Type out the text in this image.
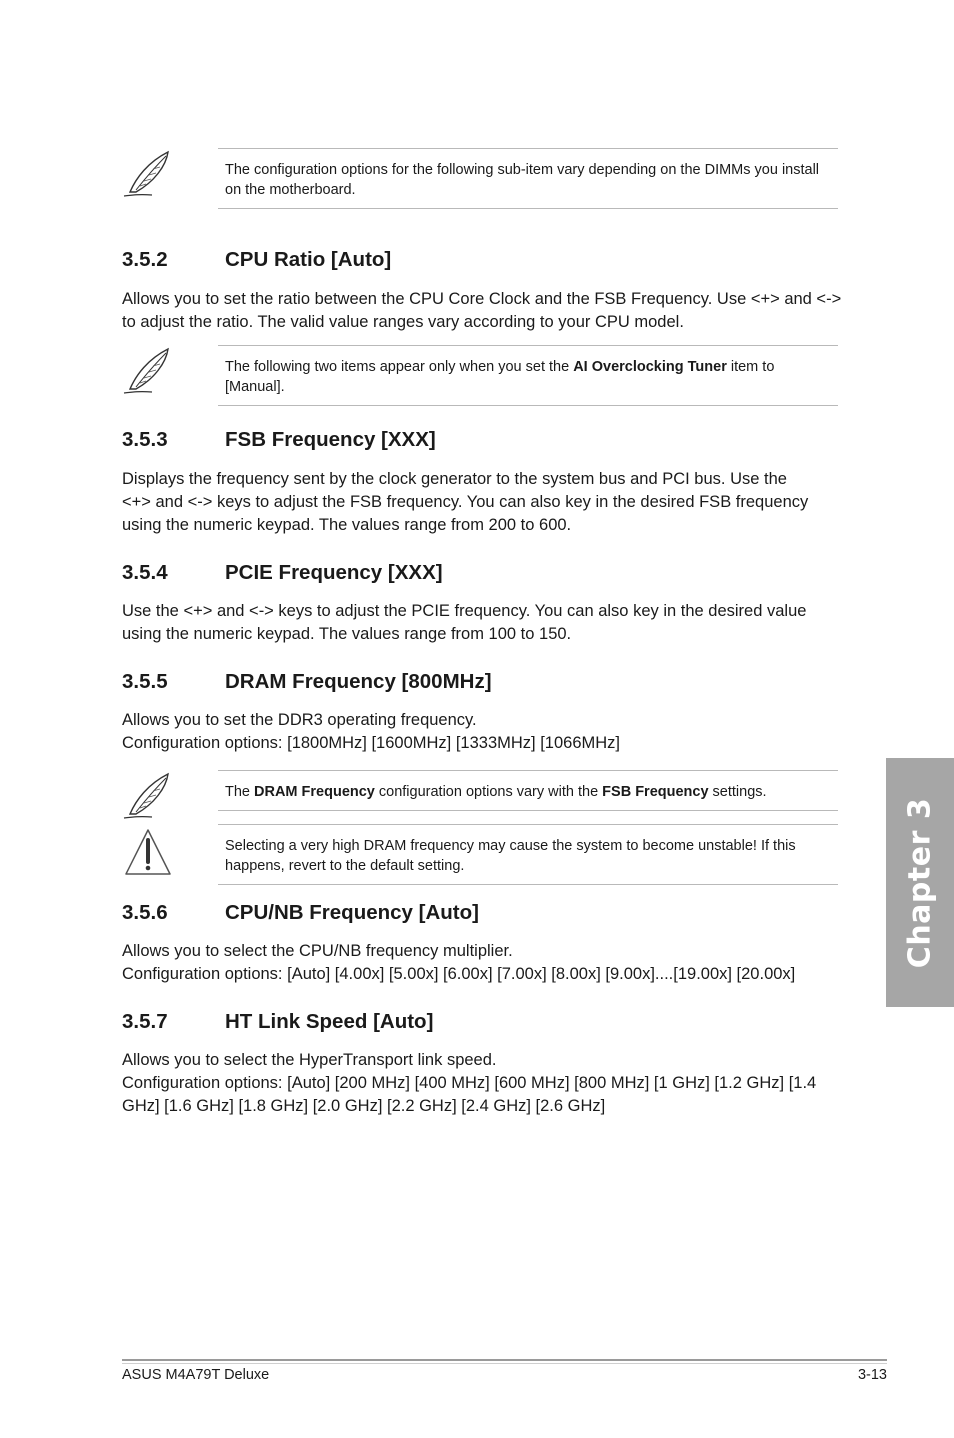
The configuration options for the following sub-item vary depending on the DIMMs you install on the motherboard.
3.5.2	CPU Ratio [Auto]

Allows you to set the ratio between the CPU Core Clock and the FSB Frequency. Use <+> and <-> to adjust the ratio. The valid value ranges vary according to your CPU model.

The following two items appear only when you set the AI Overclocking Tuner item to [Manual].
3.5.3	FSB Frequency [XXX]

Displays the frequency sent by the clock generator to the system bus and PCI bus. Use the <+> and <-> keys to adjust the FSB frequency. You can also key in the desired FSB frequency using the numeric keypad. The values range from 200 to 600.

3.5.4	PCIE Frequency [XXX]

Use the <+> and <-> keys to adjust the PCIE frequency. You can also key in the desired value using the numeric keypad. The values range from 100 to 150.

3.5.5	DRAM Frequency [800MHz]

Allows you to set the DDR3 operating frequency.

Configuration options: [1800MHz] [1600MHz] [1333MHz] [1066MHz]

The DRAM Frequency configuration options vary with the FSB Frequency settings.
Selecting a very high DRAM frequency may cause the system to become unstable! If this happens, revert to the default setting.
3.5.6	CPU/NB Frequency [Auto]

Allows you to select the CPU/NB frequency multiplier.

Configuration options: [Auto] [4.00x] [5.00x] [6.00x] [7.00x] [8.00x] [9.00x]....[19.00x] [20.00x]

3.5.7	HT Link Speed [Auto]

Allows you to select the HyperTransport link speed.

Configuration options: [Auto] [200 MHz] [400 MHz] [600 MHz] [800 MHz] [1 GHz] [1.2 GHz] [1.4 GHz] [1.6 GHz] [1.8 GHz] [2.0 GHz] [2.2 GHz] [2.4 GHz] [2.6 GHz]

Chapter 3
ASUS M4A79T Deluxe	3-13
